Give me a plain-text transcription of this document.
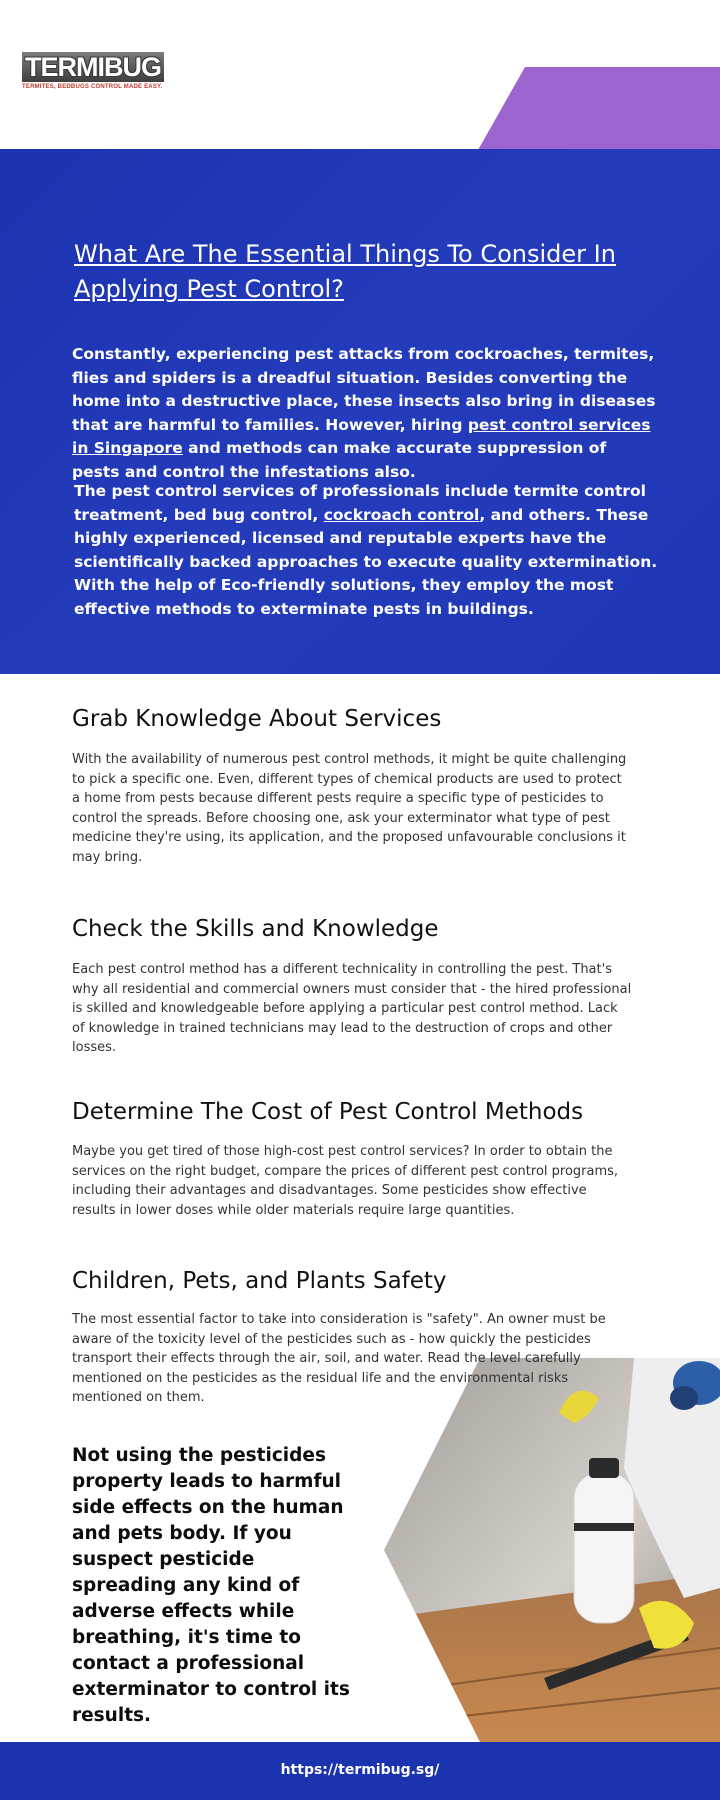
TERMIBUG
TERMITES, BEDBUGS CONTROL MADE EASY.
What Are The Essential Things To Consider In Applying Pest Control?

Constantly, experiencing pest attacks from cockroaches, termites, flies and spiders is a dreadful situation. Besides converting the home into a destructive place, these insects also bring in diseases that are harmful to families. However, hiring pest control services in Singapore and methods can make accurate suppression of pests and control the infestations also.

The pest control services of professionals include termite control treatment, bed bug control, cockroach control, and others. These highly experienced, licensed and reputable experts have the scientifically backed approaches to execute quality extermination. With the help of Eco-friendly solutions, they employ the most effective methods to exterminate pests in buildings.

Grab Knowledge About Services

With the availability of numerous pest control methods, it might be quite challenging to pick a specific one. Even, different types of chemical products are used to protect a home from pests because different pests require a specific type of pesticides to control the spreads. Before choosing one, ask your exterminator what type of pest medicine they're using, its application, and the proposed unfavourable conclusions it may bring.

Check the Skills and Knowledge

Each pest control method has a different technicality in controlling the pest. That's why all residential and commercial owners must consider that - the hired professional is skilled and knowledgeable before applying a particular pest control method. Lack of knowledge in trained technicians may lead to the destruction of crops and other losses.

Determine The Cost of Pest Control Methods

Maybe you get tired of those high-cost pest control services? In order to obtain the services on the right budget, compare the prices of different pest control programs, including their advantages and disadvantages. Some pesticides show effective results in lower doses while older materials require large quantities.

Children, Pets, and Plants Safety

The most essential factor to take into consideration is "safety". An owner must be aware of the toxicity level of the pesticides such as - how quickly the pesticides transport their effects through the air, soil, and water. Read the level carefully mentioned on the pesticides as the residual life and the environmental risks mentioned on them.

Not using the pesticides property leads to harmful side effects on the human and pets body. If you suspect pesticide spreading any kind of adverse effects while breathing, it's time to contact a professional exterminator to control its results.

https://termibug.sg/
